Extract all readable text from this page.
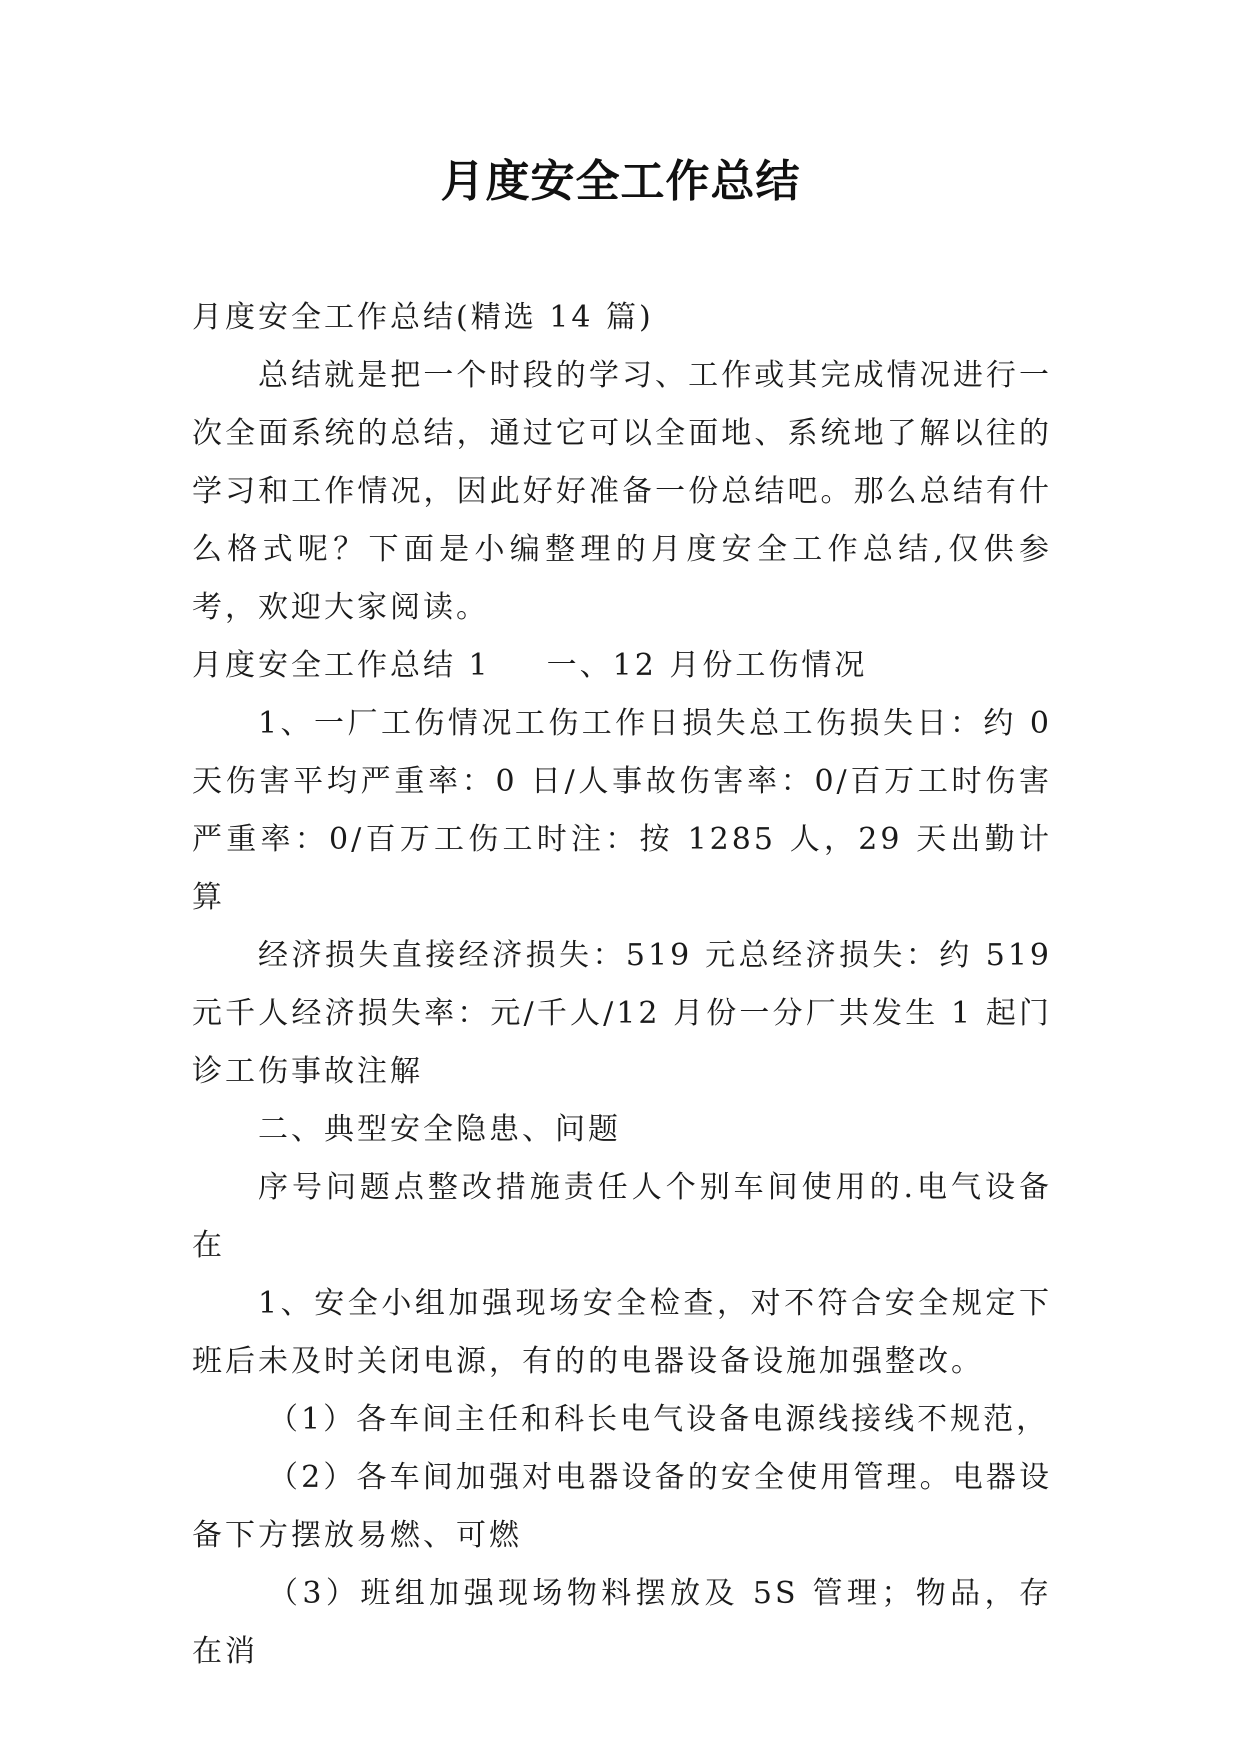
月度安全工作总结

月度安全工作总结(精选 14 篇)

总结就是把一个时段的学习、工作或其完成情况进行一次全面系统的总结，通过它可以全面地、系统地了解以往的学习和工作情况，因此好好准备一份总结吧。那么总结有什么格式呢？下面是小编整理的月度安全工作总结,仅供参考，欢迎大家阅读。

月度安全工作总结 1 一、12 月份工伤情况

1、一厂工伤情况工伤工作日损失总工伤损失日：约 0 天伤害平均严重率：0 日/人事故伤害率：0/百万工时伤害严重率：0/百万工伤工时注：按 1285 人，29 天出勤计算

经济损失直接经济损失：519 元总经济损失：约 519 元千人经济损失率：元/千人/12 月份一分厂共发生 1 起门诊工伤事故注解

二、典型安全隐患、问题

序号问题点整改措施责任人个别车间使用的.电气设备在

1、安全小组加强现场安全检查，对不符合安全规定下班后未及时关闭电源，有的的电器设备设施加强整改。

（1）各车间主任和科长电气设备电源线接线不规范，

（2）各车间加强对电器设备的安全使用管理。电器设备下方摆放易燃、可燃

（3）班组加强现场物料摆放及 5S 管理；物品，存在消
